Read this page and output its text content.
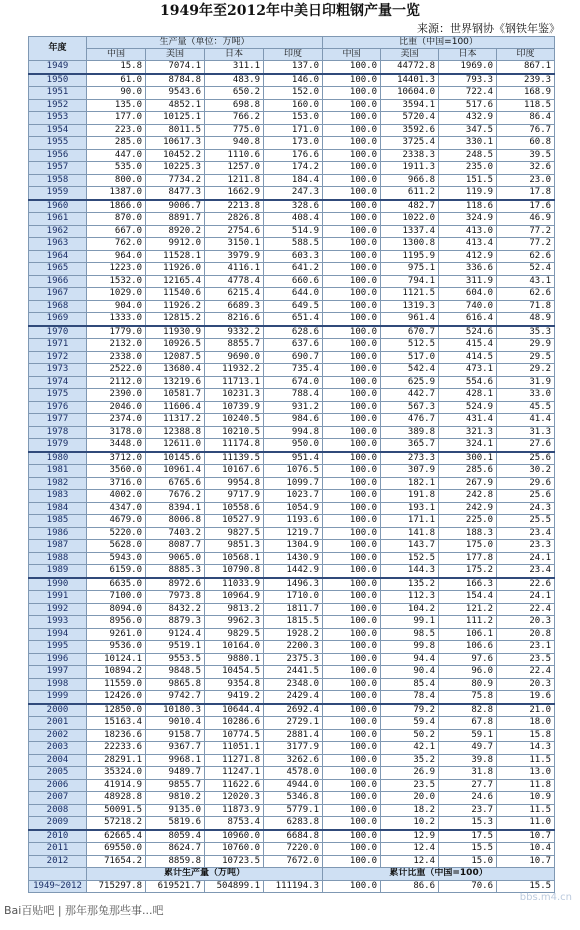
1949年至2012年中美日印粗钢产量一览
来源：世界钢协《钢铁年鉴》
年度	生产量（单位：万吨）				比重（中国=100）			
	中国	美国	日本	印度	中国	美国	日本	印度
1949	15.8	7074.1	311.1	137.0	100.0	44772.8	1969.0	867.1
1950	61.0	8784.8	483.9	146.0	100.0	14401.3	793.3	239.3
1951	90.0	9543.6	650.2	152.0	100.0	10604.0	722.4	168.9
1952	135.0	4852.1	698.8	160.0	100.0	3594.1	517.6	118.5
1953	177.0	10125.1	766.2	153.0	100.0	5720.4	432.9	86.4
1954	223.0	8011.5	775.0	171.0	100.0	3592.6	347.5	76.7
1955	285.0	10617.3	940.8	173.0	100.0	3725.4	330.1	60.8
1956	447.0	10452.2	1110.6	176.6	100.0	2338.3	248.5	39.5
1957	535.0	10225.3	1257.0	174.2	100.0	1911.3	235.0	32.6
1958	800.0	7734.2	1211.8	184.4	100.0	966.8	151.5	23.0
1959	1387.0	8477.3	1662.9	247.3	100.0	611.2	119.9	17.8
1960	1866.0	9006.7	2213.8	328.6	100.0	482.7	118.6	17.6
1961	870.0	8891.7	2826.8	408.4	100.0	1022.0	324.9	46.9
1962	667.0	8920.2	2754.6	514.9	100.0	1337.4	413.0	77.2
1963	762.0	9912.0	3150.1	588.5	100.0	1300.8	413.4	77.2
1964	964.0	11528.1	3979.9	603.3	100.0	1195.9	412.9	62.6
1965	1223.0	11926.0	4116.1	641.2	100.0	975.1	336.6	52.4
1966	1532.0	12165.4	4778.4	660.6	100.0	794.1	311.9	43.1
1967	1029.0	11540.6	6215.4	644.0	100.0	1121.5	604.0	62.6
1968	904.0	11926.2	6689.3	649.5	100.0	1319.3	740.0	71.8
1969	1333.0	12815.2	8216.6	651.4	100.0	961.4	616.4	48.9
1970	1779.0	11930.9	9332.2	628.6	100.0	670.7	524.6	35.3
1971	2132.0	10926.5	8855.7	637.6	100.0	512.5	415.4	29.9
1972	2338.0	12087.5	9690.0	690.7	100.0	517.0	414.5	29.5
1973	2522.0	13680.4	11932.2	735.4	100.0	542.4	473.1	29.2
1974	2112.0	13219.6	11713.1	674.0	100.0	625.9	554.6	31.9
1975	2390.0	10581.7	10231.3	788.4	100.0	442.7	428.1	33.0
1976	2046.0	11606.4	10739.9	931.2	100.0	567.3	524.9	45.5
1977	2374.0	11317.2	10240.5	984.6	100.0	476.7	431.4	41.4
1978	3178.0	12388.8	10210.5	994.8	100.0	389.8	321.3	31.3
1979	3448.0	12611.0	11174.8	950.0	100.0	365.7	324.1	27.6
1980	3712.0	10145.6	11139.5	951.4	100.0	273.3	300.1	25.6
1981	3560.0	10961.4	10167.6	1076.5	100.0	307.9	285.6	30.2
1982	3716.0	6765.6	9954.8	1099.7	100.0	182.1	267.9	29.6
1983	4002.0	7676.2	9717.9	1023.7	100.0	191.8	242.8	25.6
1984	4347.0	8394.1	10558.6	1054.9	100.0	193.1	242.9	24.3
1985	4679.0	8006.8	10527.9	1193.6	100.0	171.1	225.0	25.5
1986	5220.0	7403.2	9827.5	1219.7	100.0	141.8	188.3	23.4
1987	5628.0	8087.7	9851.3	1304.9	100.0	143.7	175.0	23.3
1988	5943.0	9065.0	10568.1	1430.9	100.0	152.5	177.8	24.1
1989	6159.0	8885.3	10790.8	1442.9	100.0	144.3	175.2	23.4
1990	6635.0	8972.6	11033.9	1496.3	100.0	135.2	166.3	22.6
1991	7100.0	7973.8	10964.9	1710.0	100.0	112.3	154.4	24.1
1992	8094.0	8432.2	9813.2	1811.7	100.0	104.2	121.2	22.4
1993	8956.0	8879.3	9962.3	1815.5	100.0	99.1	111.2	20.3
1994	9261.0	9124.4	9829.5	1928.2	100.0	98.5	106.1	20.8
1995	9536.0	9519.1	10164.0	2200.3	100.0	99.8	106.6	23.1
1996	10124.1	9553.5	9880.1	2375.3	100.0	94.4	97.6	23.5
1997	10894.2	9848.5	10454.5	2441.5	100.0	90.4	96.0	22.4
1998	11559.0	9865.8	9354.8	2348.0	100.0	85.4	80.9	20.3
1999	12426.0	9742.7	9419.2	2429.4	100.0	78.4	75.8	19.6
2000	12850.0	10180.3	10644.4	2692.4	100.0	79.2	82.8	21.0
2001	15163.4	9010.4	10286.6	2729.1	100.0	59.4	67.8	18.0
2002	18236.6	9158.7	10774.5	2881.4	100.0	50.2	59.1	15.8
2003	22233.6	9367.7	11051.1	3177.9	100.0	42.1	49.7	14.3
2004	28291.1	9968.1	11271.8	3262.6	100.0	35.2	39.8	11.5
2005	35324.0	9489.7	11247.1	4578.0	100.0	26.9	31.8	13.0
2006	41914.9	9855.7	11622.6	4944.0	100.0	23.5	27.7	11.8
2007	48928.8	9810.2	12020.3	5346.8	100.0	20.0	24.6	10.9
2008	50091.5	9135.0	11873.9	5779.1	100.0	18.2	23.7	11.5
2009	57218.2	5819.6	8753.4	6283.8	100.0	10.2	15.3	11.0
2010	62665.4	8059.4	10960.0	6684.8	100.0	12.9	17.5	10.7
2011	69550.0	8624.7	10760.0	7220.0	100.0	12.4	15.5	10.4
2012	71654.2	8859.8	10723.5	7672.0	100.0	12.4	15.0	10.7
	累计生产量（万吨）				累计比重（中国=100）			
1949~2012	715297.8	619521.7	504899.1	111194.3	100.0	86.6	70.6	15.5
Bai百贴吧 | 那年那兔那些事...吧
bbs.m4.cn
